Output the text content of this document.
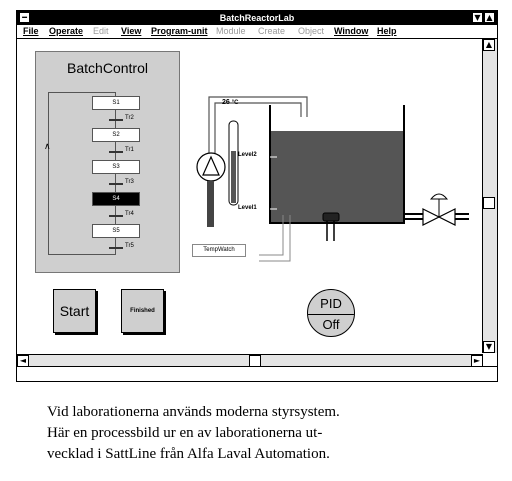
━	BatchReactorLab	▼ ▲
File Operate Edit View Program-unit Module Create Object Window Help
BatchControl
∧
S1
Tr2
S2
Tr1
S3
Tr3
S4
Tr4
S5
Tr5
26 °C
Level2
Level1
TempWatch
Start	Finished	PID
Off
▲
▼
◄	►
Vid laborationerna används moderna styrsystem.
Här en processbild ur en av laborationerna ut-
vecklad i SattLine från Alfa Laval Automation.
